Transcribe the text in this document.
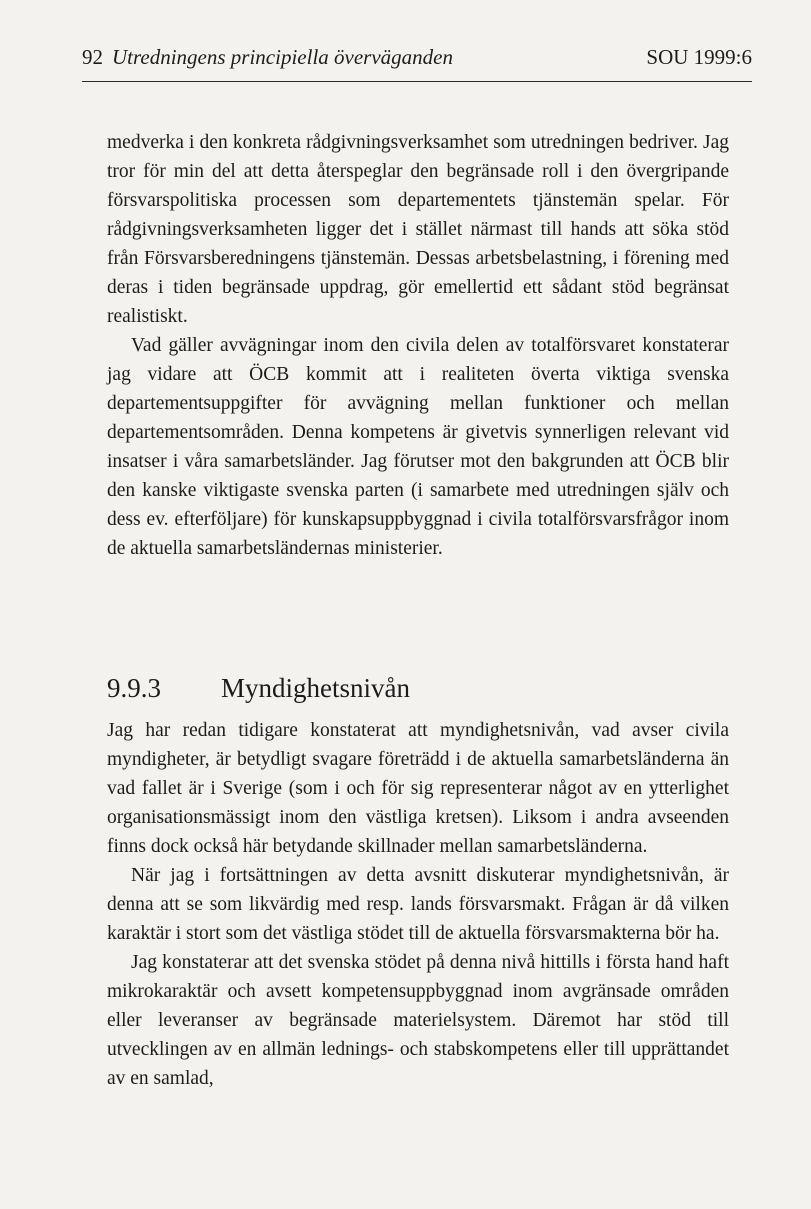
92 Utredningens principiella överväganden	SOU 1999:6

medverka i den konkreta rådgivningsverksamhet som utredningen bedriver. Jag tror för min del att detta återspeglar den begränsade roll i den övergripande försvarspolitiska processen som departementets tjänstemän spelar. För rådgivningsverksamheten ligger det i stället närmast till hands att söka stöd från Försvarsberedningens tjänstemän. Dessas arbetsbelastning, i förening med deras i tiden begränsade uppdrag, gör emellertid ett sådant stöd begränsat realistiskt.

Vad gäller avvägningar inom den civila delen av totalförsvaret konstaterar jag vidare att ÖCB kommit att i realiteten överta viktiga svenska departementsuppgifter för avvägning mellan funktioner och mellan departementsområden. Denna kompetens är givetvis synnerligen relevant vid insatser i våra samarbetsländer. Jag förutser mot den bakgrunden att ÖCB blir den kanske viktigaste svenska parten (i samarbete med utredningen själv och dess ev. efterföljare) för kunskapsuppbyggnad i civila totalförsvarsfrågor inom de aktuella samarbetsländernas ministerier.

9.9.3 Myndighetsnivån

Jag har redan tidigare konstaterat att myndighetsnivån, vad avser civila myndigheter, är betydligt svagare företrädd i de aktuella samarbetsländerna än vad fallet är i Sverige (som i och för sig representerar något av en ytterlighet organisationsmässigt inom den västliga kretsen). Liksom i andra avseenden finns dock också här betydande skillnader mellan samarbetsländerna.

När jag i fortsättningen av detta avsnitt diskuterar myndighetsnivån, är denna att se som likvärdig med resp. lands försvarsmakt. Frågan är då vilken karaktär i stort som det västliga stödet till de aktuella försvarsmakterna bör ha.

Jag konstaterar att det svenska stödet på denna nivå hittills i första hand haft mikrokaraktär och avsett kompetensuppbyggnad inom avgränsade områden eller leveranser av begränsade materielsystem. Däremot har stöd till utvecklingen av en allmän lednings- och stabskompetens eller till upprättandet av en samlad,
